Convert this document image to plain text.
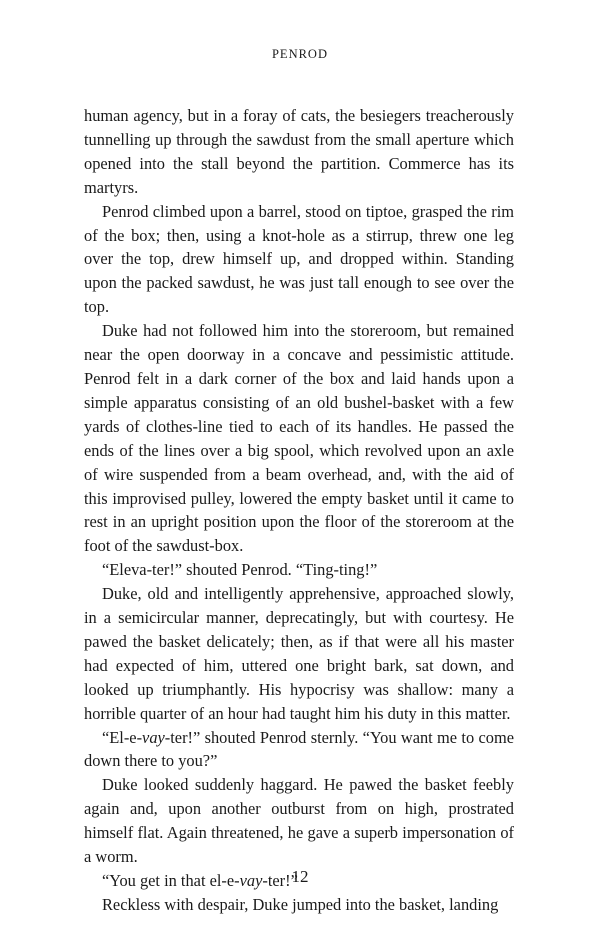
PENROD

human agency, but in a foray of cats, the besiegers treacherously tunnelling up through the sawdust from the small aperture which opened into the stall beyond the partition. Commerce has its martyrs.

Penrod climbed upon a barrel, stood on tiptoe, grasped the rim of the box; then, using a knot-hole as a stirrup, threw one leg over the top, drew himself up, and dropped within. Standing upon the packed sawdust, he was just tall enough to see over the top.

Duke had not followed him into the storeroom, but remained near the open doorway in a concave and pessimistic attitude. Penrod felt in a dark corner of the box and laid hands upon a simple apparatus consisting of an old bushel-basket with a few yards of clothes-line tied to each of its handles. He passed the ends of the lines over a big spool, which revolved upon an axle of wire suspended from a beam overhead, and, with the aid of this improvised pulley, lowered the empty basket until it came to rest in an upright position upon the floor of the storeroom at the foot of the sawdust-box.

“Eleva-ter!” shouted Penrod. “Ting-ting!”

Duke, old and intelligently apprehensive, approached slowly, in a semicircular manner, deprecatingly, but with courtesy. He pawed the basket delicately; then, as if that were all his master had expected of him, uttered one bright bark, sat down, and looked up triumphantly. His hypocrisy was shallow: many a horrible quarter of an hour had taught him his duty in this matter.

“El-e-vay-ter!” shouted Penrod sternly. “You want me to come down there to you?”

Duke looked suddenly haggard. He pawed the basket feebly again and, upon another outburst from on high, prostrated himself flat. Again threatened, he gave a superb impersonation of a worm.

“You get in that el-e-vay-ter!”

Reckless with despair, Duke jumped into the basket, landing

12
